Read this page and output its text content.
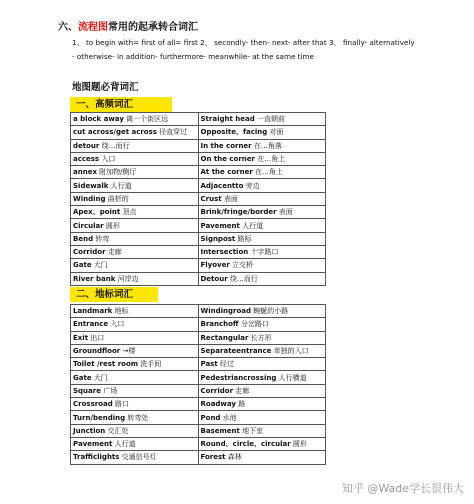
六、流程图常用的起承转合词汇
1、 to begin with= first of all= first 2、 secondly- then- next- after that 3、 finally- alternatively
- otherwise- in addition- furthermore- meanwhile- at the same time
地图题必背词汇
一、高频词汇
a block away 离一个街区远	Straight head 一直朝前
cut across/get across 径直穿过	Opposite、facing 对面
detour 绕…而行	In the corner 在…角落
access 入口	On the corner 在…角上
annex 附加物/侧厅	At the corner 在…角上
Sidewalk 人行道	Adjacentto 旁边
Winding 曲折的	Crust 表面
Apex、point 顶点	Brink/fringe/border 表面
Circular 圆形	Pavement 人行道
Bend 转弯	Signpost 路标
Corridor 走廊	Intersection 十字路口
Gate 大门	Flyover 立交桥
River bank 河岸边	Detour 绕…而行
二、地标词汇
Landmark 地标	Windingroad 蜿蜒的小路
Entrance 入口	Branchoff 分岔路口
Exit 出口	Rectangular 长方形
Groundfloor →楼	Separateentrance 单独的入口
Toilet /rest room 洗手间	Past 经过
Gate 大门	Pedestriancrossing 人行横道
Square 广场	Corridor 走廊
Crossroad 路口	Roadway 路
Turn/bending 转弯处	Pond 水池
Junction 交汇处	Basement 地下室
Pavement 人行道	Round、circle、circular 圆形
Trafficlights 交通信号灯	Forest 森林
知乎 @Wade学长很伟大
